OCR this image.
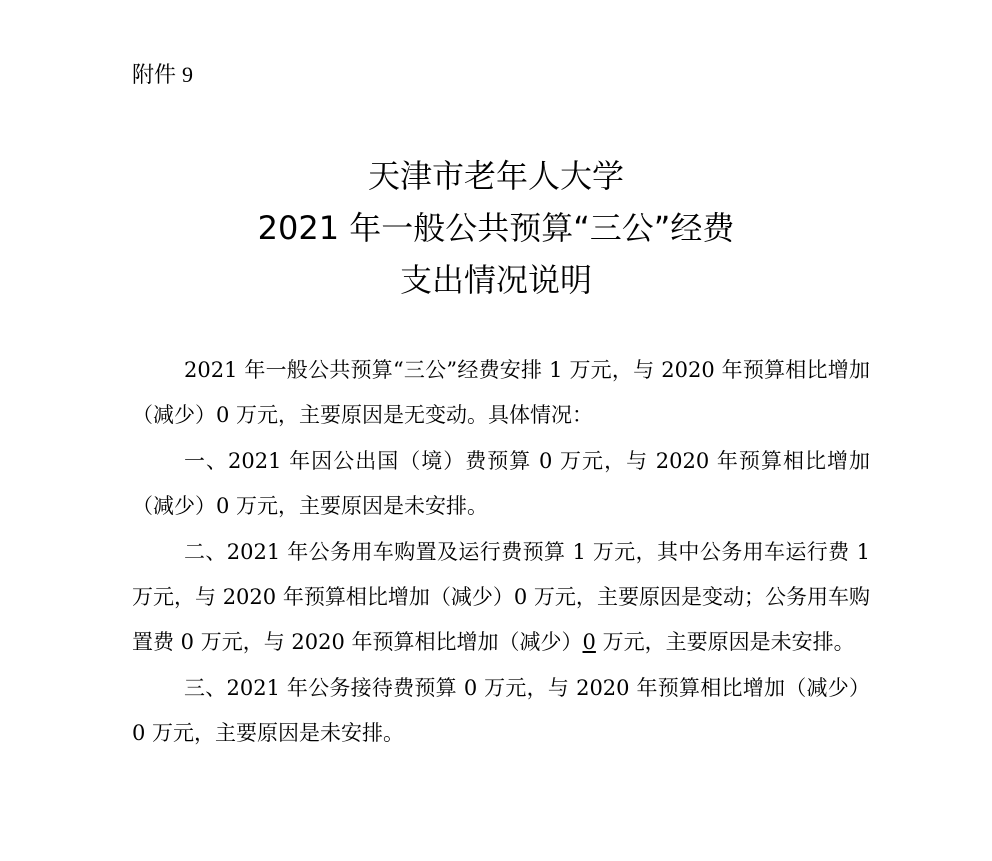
附件 9
天津市老年人大学
2021 年一般公共预算“三公”经费
支出情况说明

2021 年一般公共预算“三公”经费安排 1 万元，与 2020 年预算相比增加（减少）0 万元，主要原因是无变动。具体情况：

一、2021 年因公出国（境）费预算 0 万元，与 2020 年预算相比增加（减少）0 万元，主要原因是未安排。

二、2021 年公务用车购置及运行费预算 1 万元，其中公务用车运行费 1 万元，与 2020 年预算相比增加（减少）0 万元，主要原因是变动；公务用车购置费 0 万元，与 2020 年预算相比增加（减少）0 万元，主要原因是未安排。

三、2021 年公务接待费预算 0 万元，与 2020 年预算相比增加（减少）0 万元，主要原因是未安排。
